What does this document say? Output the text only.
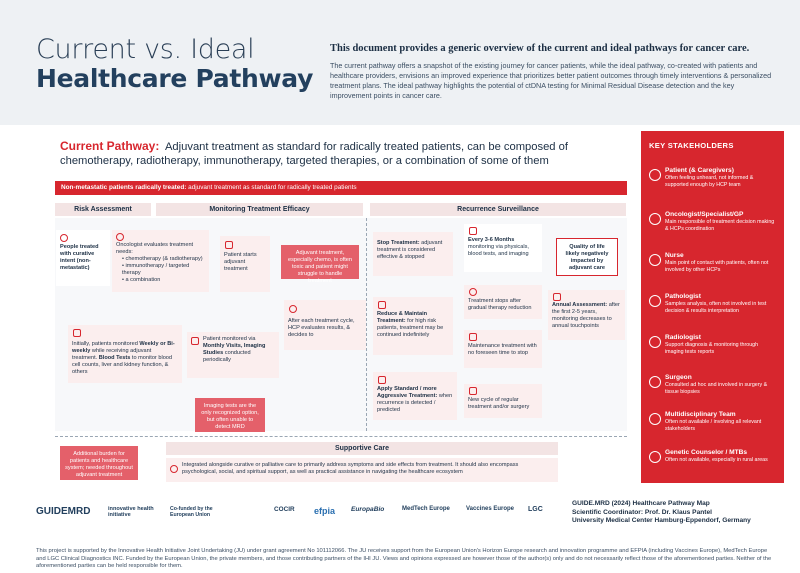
Current vs. Ideal
Healthcare Pathway
This document provides a generic overview of the current and ideal pathways for cancer care.
The current pathway offers a snapshot of the existing journey for cancer patients, while the ideal pathway, co-created with patients and healthcare providers, envisions an improved experience that prioritizes better patient outcomes through timely interventions & personalized treatment plans. The ideal pathway highlights the potential of ctDNA testing for Minimal Residual Disease detection and the key improvement points in cancer care.
Current Pathway: Adjuvant treatment as standard for radically treated patients, can be composed of chemotherapy, radiotherapy, immunotherapy, targeted therapies, or a combination of some of them
Non-metastatic patients radically treated: adjuvant treatment as standard for radically treated patients
Risk Assessment	Monitoring Treatment Efficacy	Recurrence Surveillance
People treated with curative intent (non-metastatic)
Oncologist evaluates treatment needs:
• chemotherapy (& radiotherapy)
• immunotherapy / targeted therapy
• a combination
Patient starts adjuvant treatment
Adjuvant treatment, especially chemo, is often toxic and patient might struggle to handle treatment
After each treatment cycle, HCP evaluates results, & decides to
Initially, patients monitored Weekly or Bi-weekly while receiving adjuvant treatment. Blood Tests to monitor blood cell counts, liver and kidney function, & others
Patient monitored via Monthly Visits, Imaging Studies conducted periodically
Imaging tests are the only recognized option, but often unable to detect MRD
Stop Treatment: adjuvant treatment is considered effective & stopped
Reduce & Maintain Treatment: for high risk patients, treatment may be continued indefinitely
Apply Standard / more Aggressive Treatment: when recurrence is detected / predicted
Every 3-6 Months monitoring via physicals, blood tests, and imaging
Treatment stops after gradual therapy reduction
Maintenance treatment with no foreseen time to stop
New cycle of regular treatment and/or surgery
Quality of life likely negatively impacted by adjuvant care
Annual Assessment: after the first 2-5 years, monitoring decreases to annual touchpoints
Additional burden for patients and healthcare system; needed throughout adjuvant treatment
Supportive Care
Integrated alongside curative or palliative care to primarily address symptoms and side effects from treatment. It should also encompass psychological, social, and spiritual support, as well as practical assistance in navigating the healthcare ecosystem
KEY STAKEHOLDERS
Patient (& Caregivers)
Often feeling unheard, not informed & supported enough by HCP team
Oncologist/Specialist/GP
Main responsible of treatment decision making & HCPs coordination
Nurse
Main point of contact with patients, often not involved by other HCPs
Pathologist
Samples analysis, often not involved in test decision & results interpretation
Radiologist
Support diagnosis & monitoring through imaging tests reports
Surgeon
Consulted ad hoc and involved in surgery & tissue biopsies
Multidisciplinary Team
Often not available / involving all relevant stakeholders
Genetic Counselor / MTBs
Often not available, especially in rural areas
GUIDEMRD	innovative health initiative
Co-funded by the European Union
COCIR efpia EuropaBio	MedTech Europe	Vaccines Europe LGC
GUIDE.MRD (2024) Healthcare Pathway Map
Scientific Coordinator: Prof. Dr. Klaus Pantel
University Medical Center Hamburg-Eppendorf, Germany
This project is supported by the Innovative Health Initiative Joint Undertaking (JU) under grant agreement No 101112066. The JU receives support from the European Union's Horizon Europe research and innovation programme and EFPIA (including Vaccines Europe), MedTech Europe and LGC Clinical Diagnostics INC. Funded by the European Union, the private members, and those contributing partners of the IHI JU. Views and opinions expressed are however those of the author(s) only and do not necessarily reflect those of the aforementioned parties. Neither of the aforementioned parties can be held responsible for them.
